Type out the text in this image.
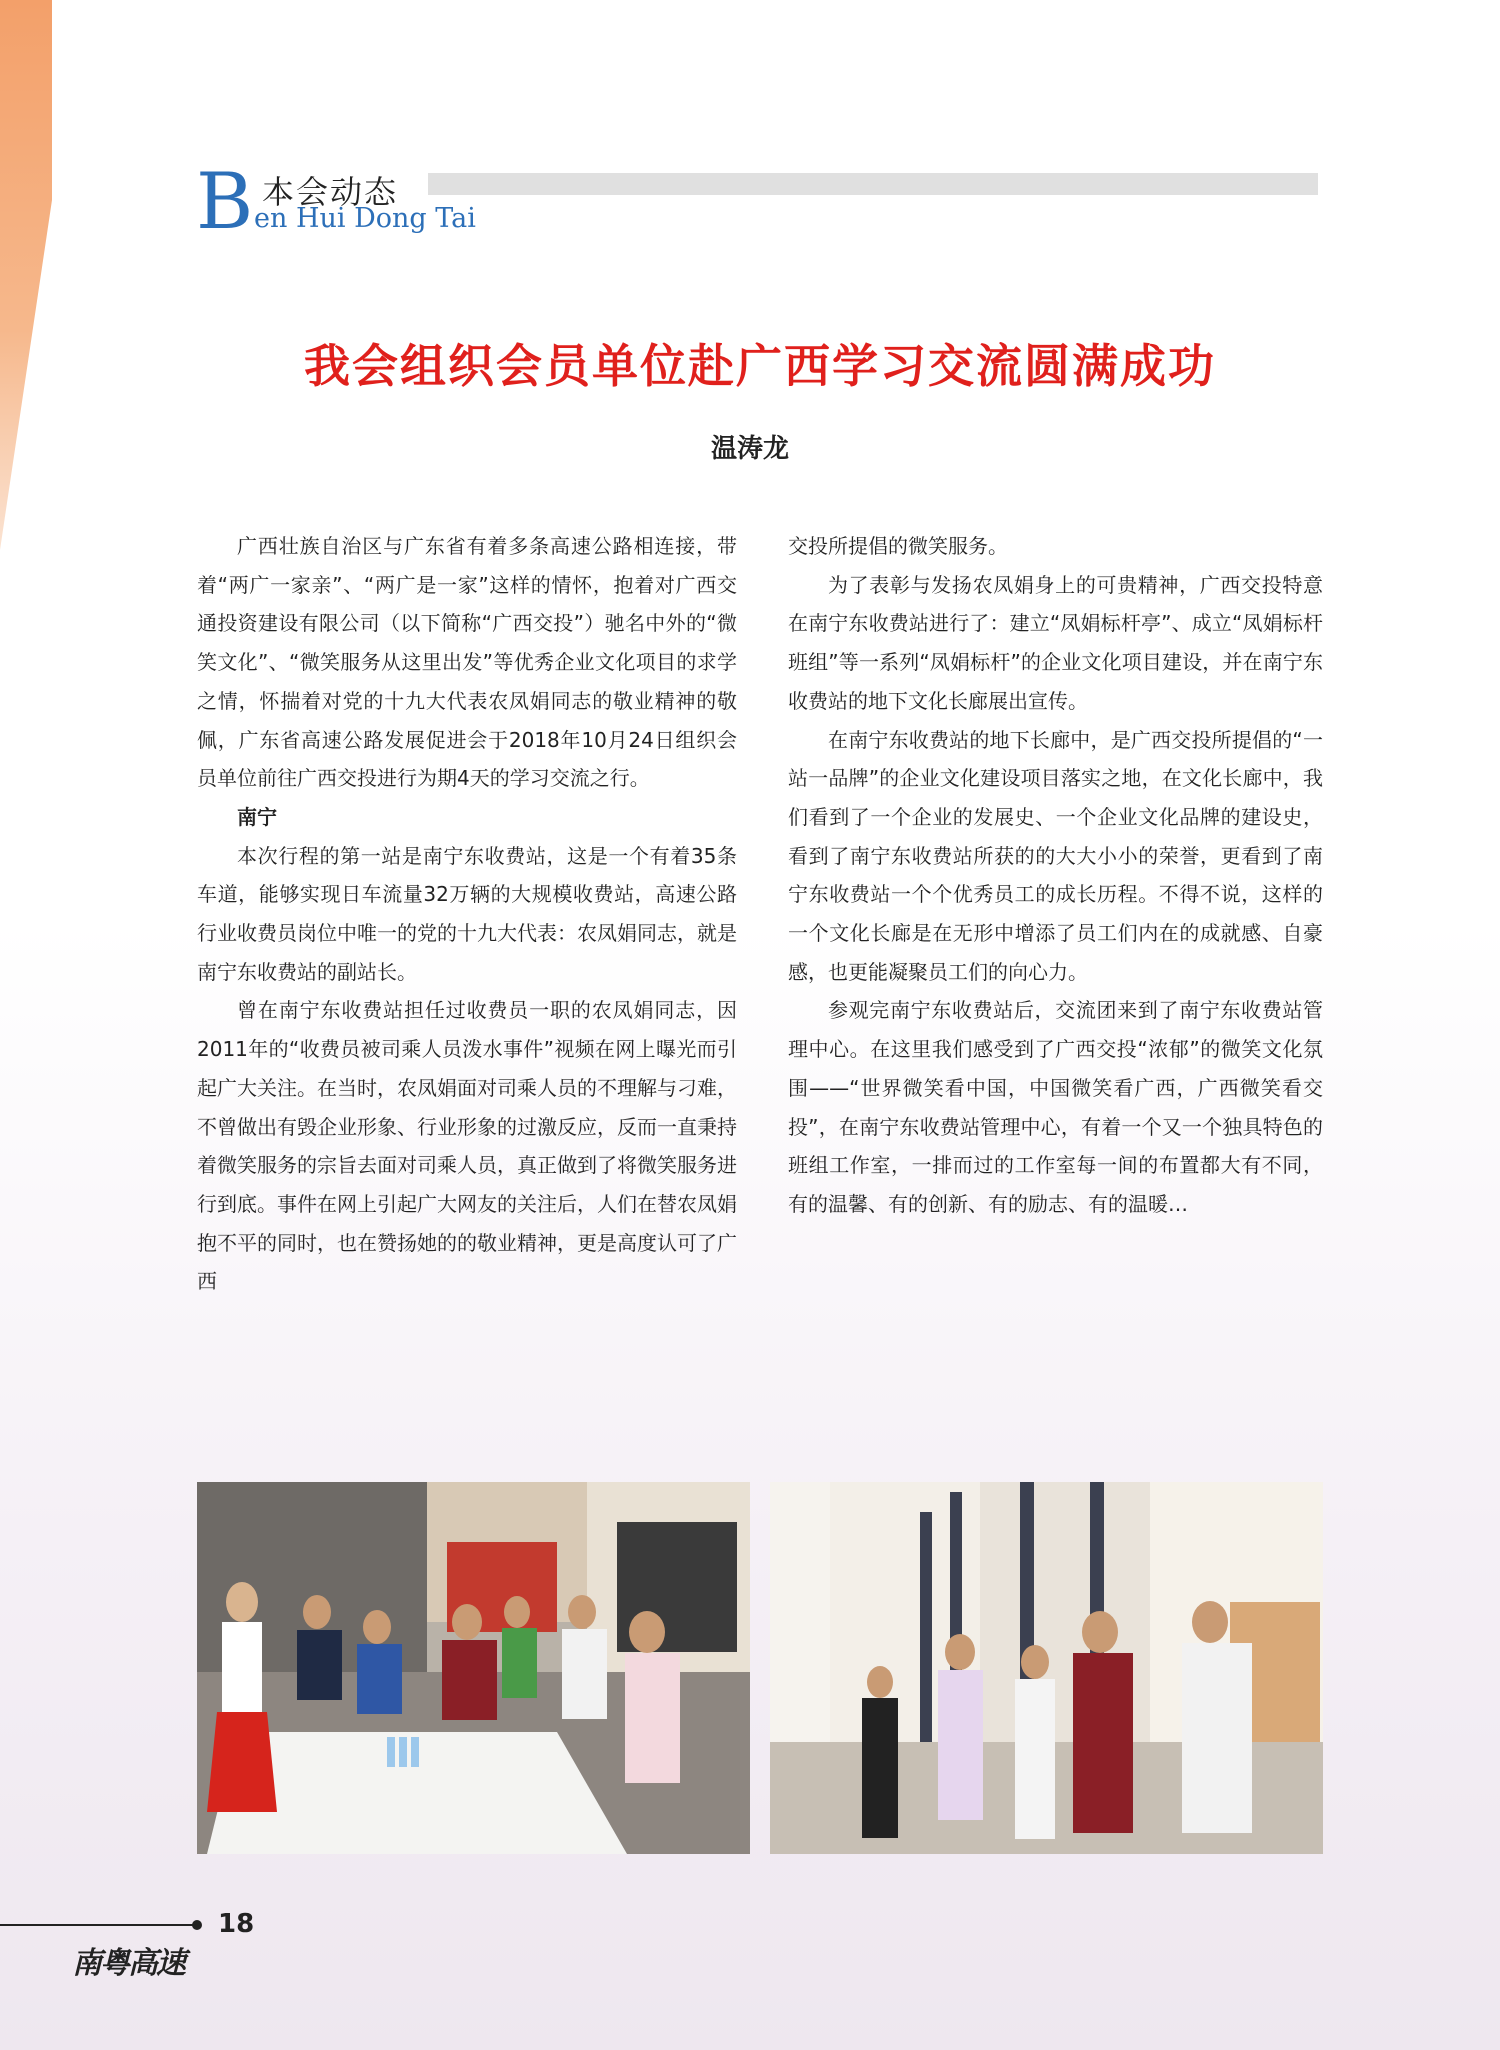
B 本会动态
en Hui Dong Tai
我会组织会员单位赴广西学习交流圆满成功
温涛龙

广西壮族自治区与广东省有着多条高速公路相连接，带着“两广一家亲”、“两广是一家”这样的情怀，抱着对广西交通投资建设有限公司（以下简称“广西交投”）驰名中外的“微笑文化”、“微笑服务从这里出发”等优秀企业文化项目的求学之情，怀揣着对党的十九大代表农凤娟同志的敬业精神的敬佩，广东省高速公路发展促进会于2018年10月24日组织会员单位前往广西交投进行为期4天的学习交流之行。

南宁

本次行程的第一站是南宁东收费站，这是一个有着35条车道，能够实现日车流量32万辆的大规模收费站，高速公路行业收费员岗位中唯一的党的十九大代表：农凤娟同志，就是南宁东收费站的副站长。

曾在南宁东收费站担任过收费员一职的农凤娟同志，因2011年的“收费员被司乘人员泼水事件”视频在网上曝光而引起广大关注。在当时，农凤娟面对司乘人员的不理解与刁难，不曾做出有毁企业形象、行业形象的过激反应，反而一直秉持着微笑服务的宗旨去面对司乘人员，真正做到了将微笑服务进行到底。事件在网上引起广大网友的关注后，人们在替农凤娟抱不平的同时，也在赞扬她的的敬业精神，更是高度认可了广西

交投所提倡的微笑服务。

为了表彰与发扬农凤娟身上的可贵精神，广西交投特意在南宁东收费站进行了：建立“凤娟标杆亭”、成立“凤娟标杆班组”等一系列“凤娟标杆”的企业文化项目建设，并在南宁东收费站的地下文化长廊展出宣传。

在南宁东收费站的地下长廊中，是广西交投所提倡的“一站一品牌”的企业文化建设项目落实之地，在文化长廊中，我们看到了一个企业的发展史、一个企业文化品牌的建设史，看到了南宁东收费站所获的的大大小小的荣誉，更看到了南宁东收费站一个个优秀员工的成长历程。不得不说，这样的一个文化长廊是在无形中增添了员工们内在的成就感、自豪感，也更能凝聚员工们的向心力。

参观完南宁东收费站后，交流团来到了南宁东收费站管理中心。在这里我们感受到了广西交投“浓郁”的微笑文化氛围——“世界微笑看中国，中国微笑看广西，广西微笑看交投”，在南宁东收费站管理中心，有着一个又一个独具特色的班组工作室，一排而过的工作室每一间的布置都大有不同，有的温馨、有的创新、有的励志、有的温暖…

18
南粤高速
